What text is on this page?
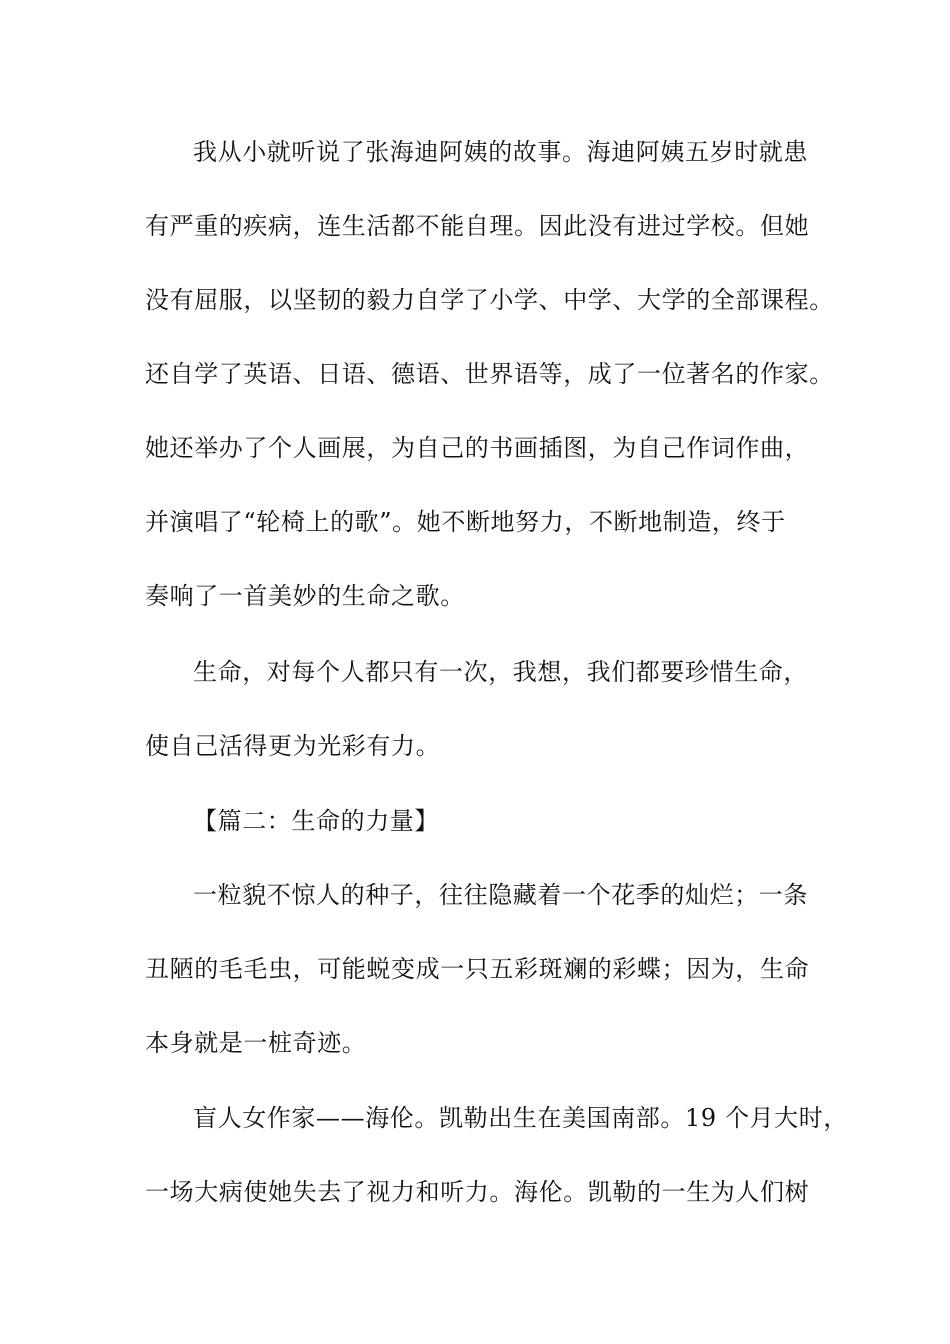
我从小就听说了张海迪阿姨的故事。海迪阿姨五岁时就患
有严重的疾病，连生活都不能自理。因此没有进过学校。但她
没有屈服，以坚韧的毅力自学了小学、中学、大学的全部课程。
还自学了英语、日语、德语、世界语等，成了一位著名的作家。
她还举办了个人画展，为自己的书画插图，为自己作词作曲，
并演唱了“轮椅上的歌”。她不断地努力，不断地制造，终于
奏响了一首美妙的生命之歌。
生命，对每个人都只有一次，我想，我们都要珍惜生命，
使自己活得更为光彩有力。
【篇二：生命的力量】
一粒貌不惊人的种子，往往隐藏着一个花季的灿烂；一条
丑陋的毛毛虫，可能蜕变成一只五彩斑斓的彩蝶；因为，生命
本身就是一桩奇迹。
盲人女作家——海伦。凯勒出生在美国南部。19 个月大时，
一场大病使她失去了视力和听力。海伦。凯勒的一生为人们树
